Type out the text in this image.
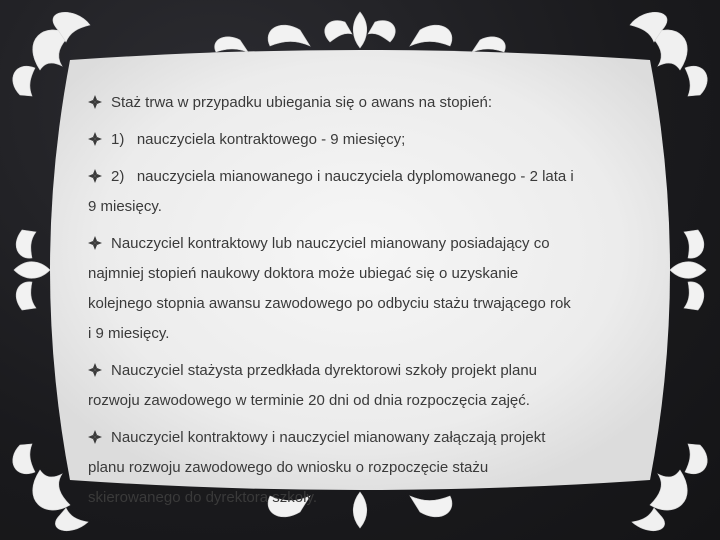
Staż trwa w przypadku ubiegania się o awans na stopień:
1)   nauczyciela kontraktowego - 9 miesięcy;
2)   nauczyciela mianowanego i nauczyciela dyplomowanego - 2 lata i
9 miesięcy.
Nauczyciel kontraktowy lub nauczyciel mianowany posiadający co
najmniej stopień naukowy doktora może ubiegać się o uzyskanie
kolejnego stopnia awansu zawodowego po odbyciu stażu trwającego rok
i 9 miesięcy.
Nauczyciel stażysta przedkłada dyrektorowi szkoły projekt planu
rozwoju zawodowego w terminie 20 dni od dnia rozpoczęcia zajęć.
Nauczyciel kontraktowy i nauczyciel mianowany załączają projekt
planu rozwoju zawodowego do wniosku o rozpoczęcie stażu
skierowanego do dyrektora szkoły.
